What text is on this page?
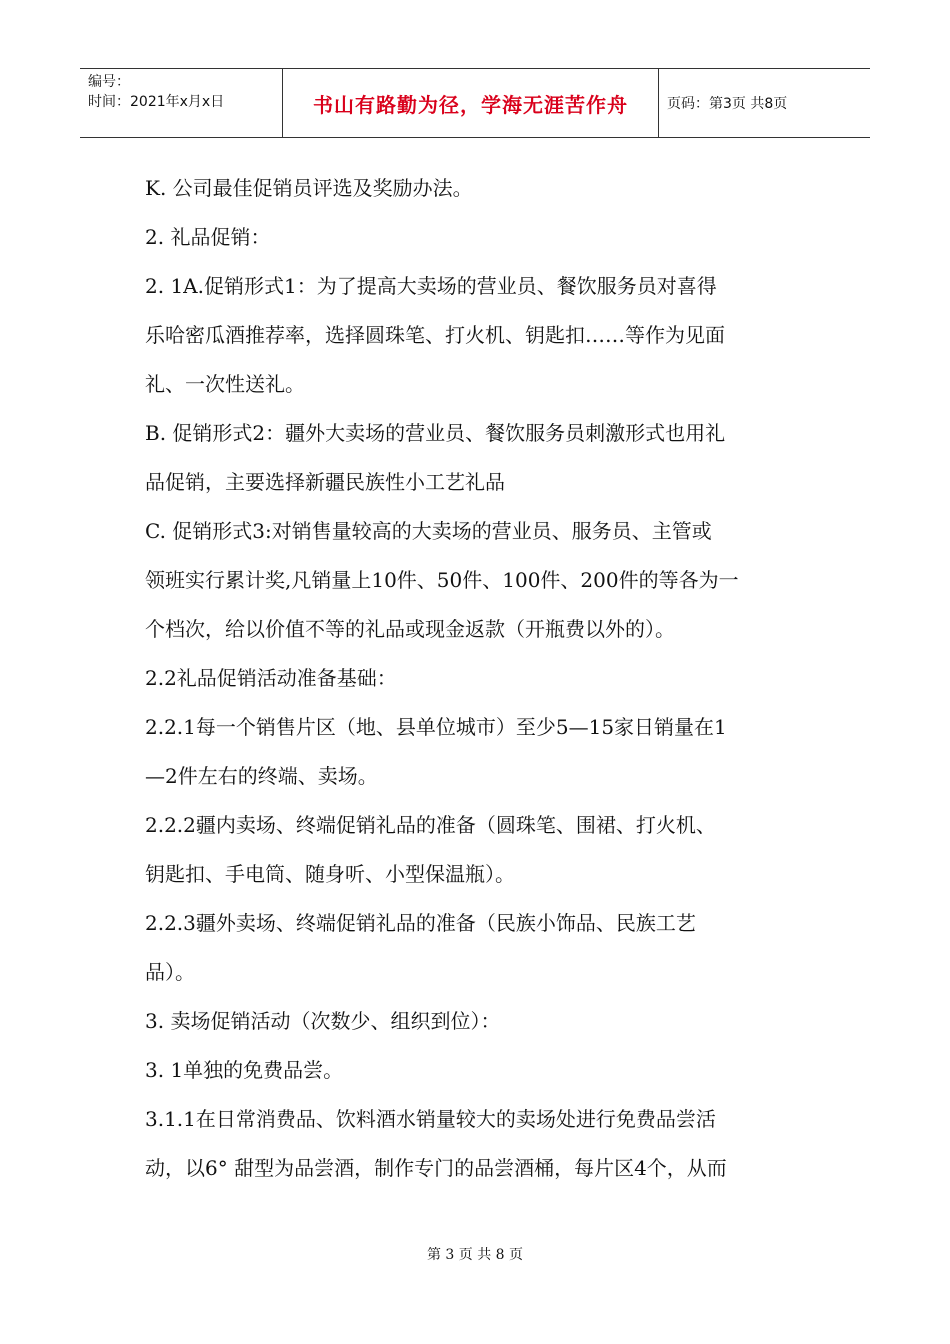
编号：
时间：2021年x月x日	书山有路勤为径，学海无涯苦作舟	页码：第3页 共8页
K. 公司最佳促销员评选及奖励办法。
2. 礼品促销：
2. 1A.促销形式1：为了提高大卖场的营业员、餐饮服务员对喜得
乐哈密瓜酒推荐率，选择圆珠笔、打火机、钥匙扣……等作为见面
礼、一次性送礼。
B. 促销形式2：疆外大卖场的营业员、餐饮服务员刺激形式也用礼
品促销，主要选择新疆民族性小工艺礼品
C. 促销形式3:对销售量较高的大卖场的营业员、服务员、主管或
领班实行累计奖,凡销量上10件、50件、100件、200件的等各为一
个档次，给以价值不等的礼品或现金返款（开瓶费以外的）。
2.2礼品促销活动准备基础：
2.2.1每一个销售片区（地、县单位城市）至少5—15家日销量在1
—2件左右的终端、卖场。
2.2.2疆内卖场、终端促销礼品的准备（圆珠笔、围裙、打火机、
钥匙扣、手电筒、随身听、小型保温瓶）。
2.2.3疆外卖场、终端促销礼品的准备（民族小饰品、民族工艺
品）。
3. 卖场促销活动（次数少、组织到位）：
3. 1单独的免费品尝。
3.1.1在日常消费品、饮料酒水销量较大的卖场处进行免费品尝活
动，以6° 甜型为品尝酒，制作专门的品尝酒桶，每片区4个，从而
第 3 页 共 8 页
